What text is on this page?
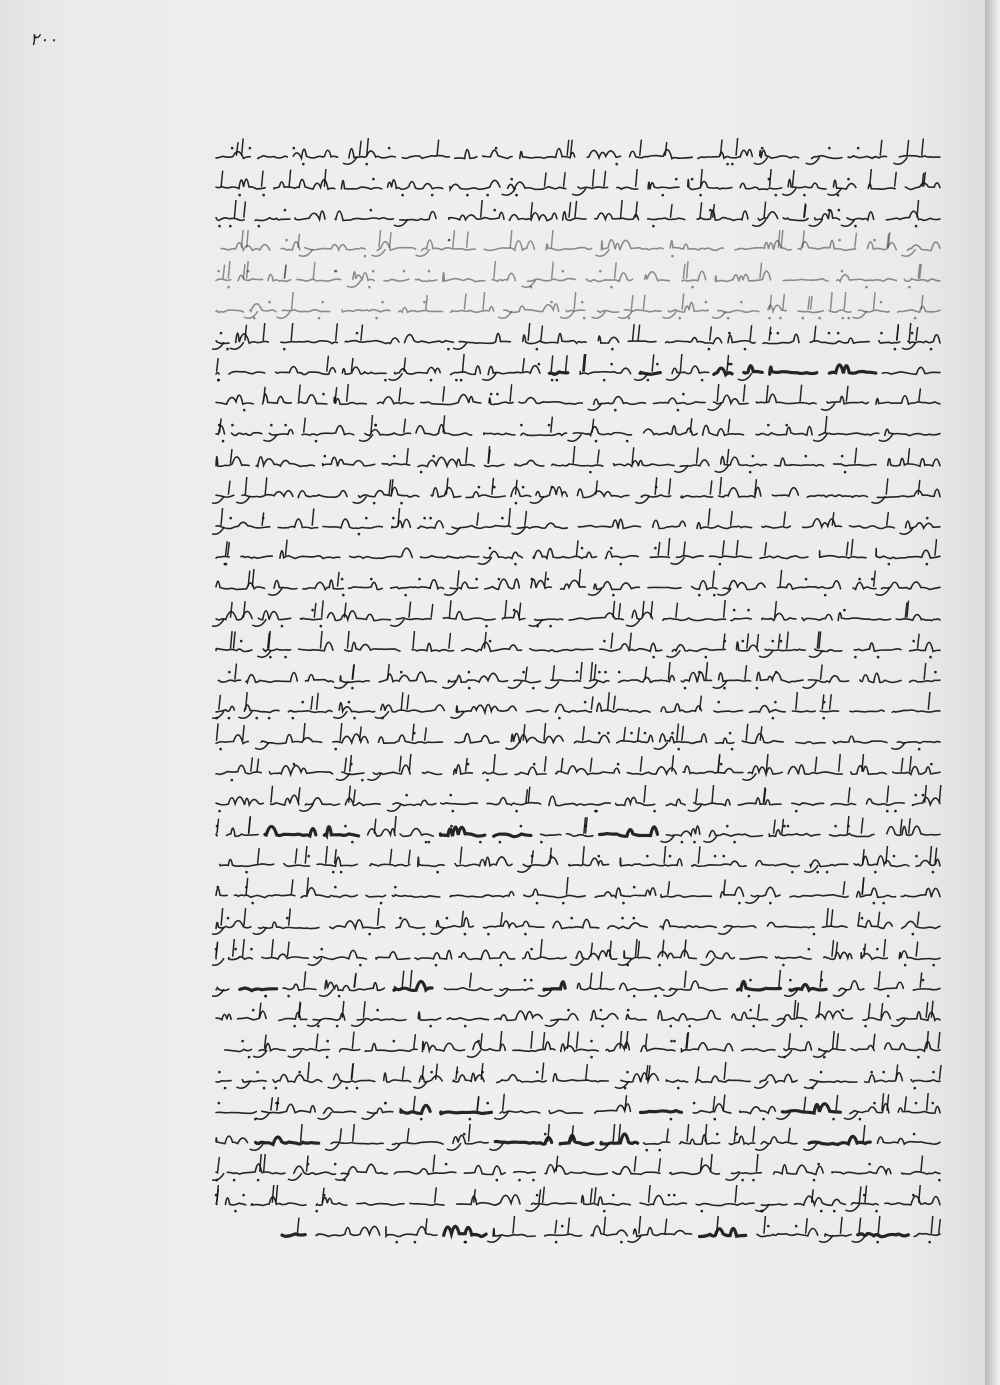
٢٠٠
